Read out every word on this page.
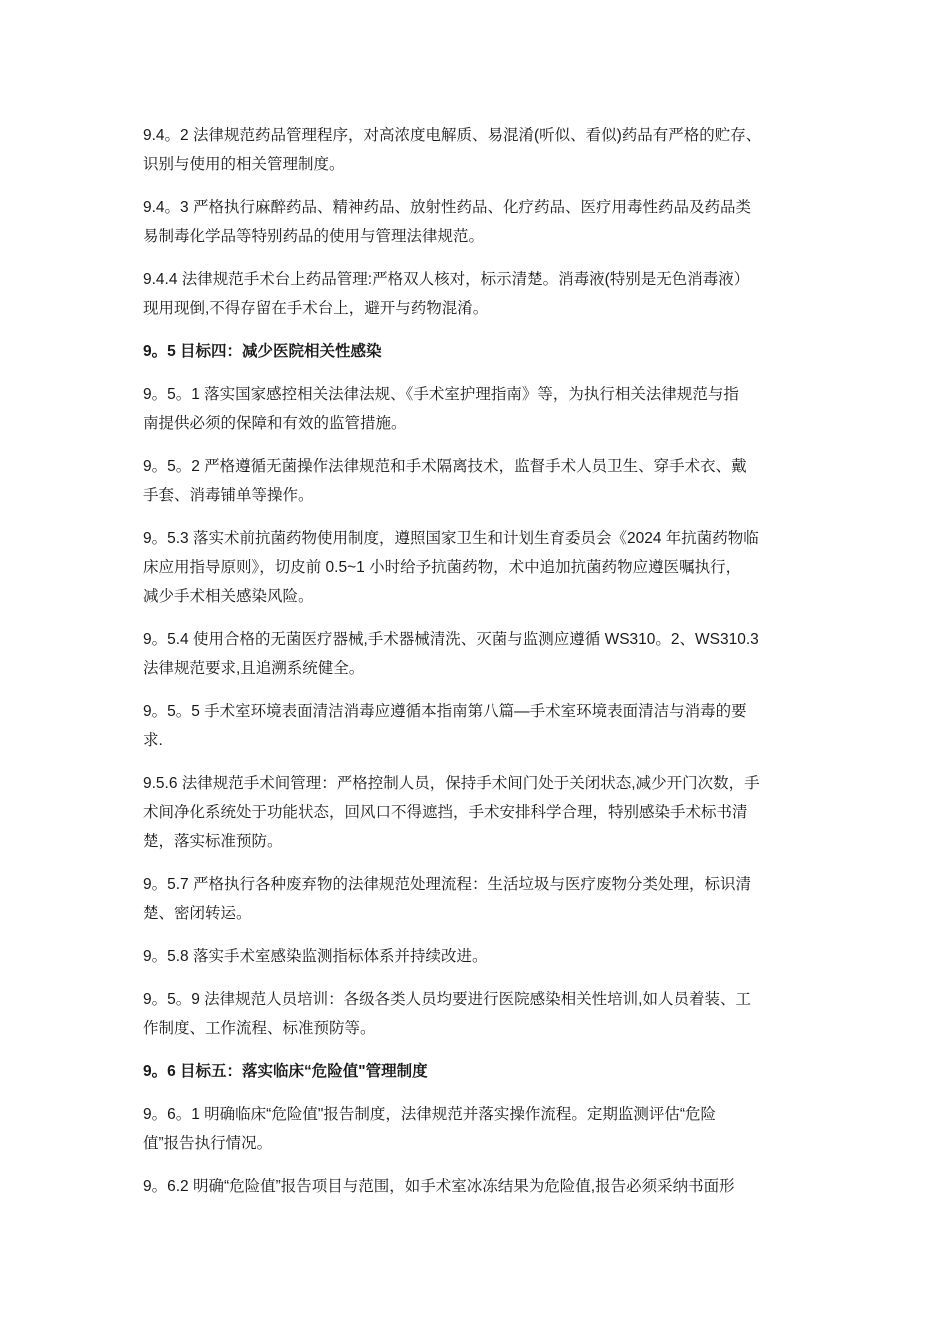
9.4。2 法律规范药品管理程序，对高浓度电解质、易混淆(听似、看似)药品有严格的贮存、
识别与使用的相关管理制度。
9.4。3 严格执行麻醉药品、精神药品、放射性药品、化疗药品、医疗用毒性药品及药品类
易制毒化学品等特别药品的使用与管理法律规范。
9.4.4 法律规范手术台上药品管理:严格双人核对，标示清楚。消毒液(特别是无色消毒液）
现用现倒,不得存留在手术台上，避开与药物混淆。
9。5 目标四：减少医院相关性感染
9。5。1 落实国家感控相关法律法规、《手术室护理指南》等，为执行相关法律规范与指
南提供必须的保障和有效的监管措施。
9。5。2 严格遵循无菌操作法律规范和手术隔离技术，监督手术人员卫生、穿手术衣、戴
手套、消毒铺单等操作。
9。5.3 落实术前抗菌药物使用制度，遵照国家卫生和计划生育委员会《2024 年抗菌药物临
床应用指导原则》，切皮前 0.5~1 小时给予抗菌药物，术中追加抗菌药物应遵医嘱执行，
减少手术相关感染风险。
9。5.4 使用合格的无菌医疗器械,手术器械清洗、灭菌与监测应遵循 WS310。2、WS310.3
法律规范要求,且追溯系统健全。
9。5。5 手术室环境表面清洁消毒应遵循本指南第八篇—手术室环境表面清洁与消毒的要
求.
9.5.6 法律规范手术间管理：严格控制人员，保持手术间门处于关闭状态,减少开门次数，手
术间净化系统处于功能状态，回风口不得遮挡，手术安排科学合理，特别感染手术标书清
楚，落实标准预防。
9。5.7 严格执行各种废弃物的法律规范处理流程：生活垃圾与医疗废物分类处理，标识清
楚、密闭转运。
9。5.8 落实手术室感染监测指标体系并持续改进。
9。5。9 法律规范人员培训：各级各类人员均要进行医院感染相关性培训,如人员着装、工
作制度、工作流程、标准预防等。
9。6 目标五：落实临床“危险值"管理制度
9。6。1 明确临床“危险值"报告制度，法律规范并落实操作流程。定期监测评估“危险
值”报告执行情况。
9。6.2 明确“危险值”报告项目与范围，如手术室冰冻结果为危险值,报告必须采纳书面形
